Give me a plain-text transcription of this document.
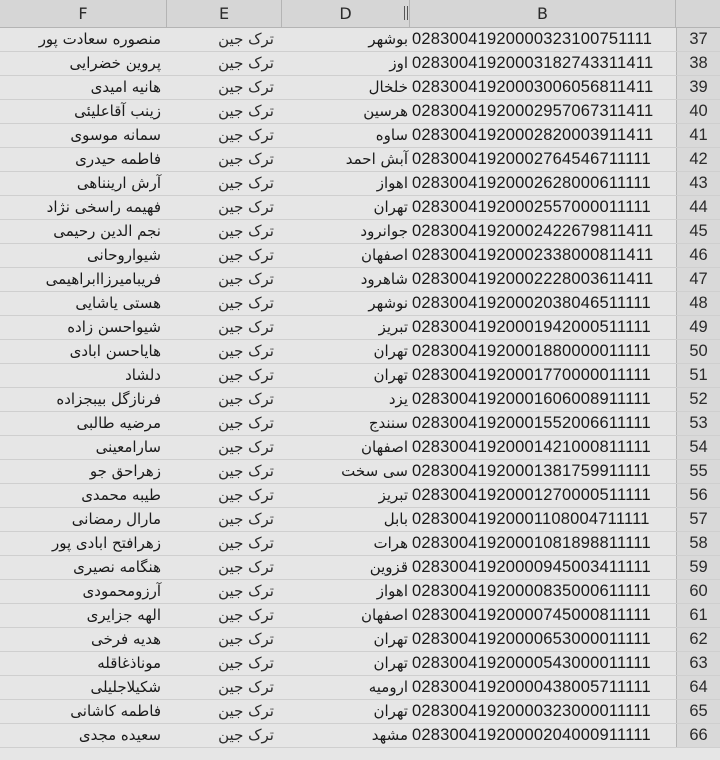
F	E	D	B
منصوره سعادت پور	ترک جین	بوشهر 02830041920000323100751111	37
پروین خضرایی	ترک جین	اوز 02830041920003182743311411	38
هانیه امیدی	ترک جین	خلخال 02830041920003006056811411	39
زینب آقاعلیئی	ترک جین	هرسین 02830041920002957067311411	40
سمانه موسوی	ترک جین	ساوه 02830041920002820003911411	41
فاطمه حیدری	ترک جین	آبش احمد 02830041920002764546711111	42
آرش ارینناهی	ترک جین	اهواز 02830041920002628000611111	43
فهیمه راسخی نژاد	ترک جین	تهران 02830041920002557000011111	44
نجم الدین رحیمی	ترک جین	جوانرود 02830041920002422679811411	45
شیواروحانی	ترک جین	اصفهان 02830041920002338000811411	46
فریبامیرزاابراهیمی	ترک جین	شاهرود 02830041920002228003611411	47
هستی یاشایی	ترک جین	نوشهر 02830041920002038046511111	48
شیواحسن زاده	ترک جین	تبریز 02830041920001942000511111	49
هایاحسن ابادی	ترک جین	تهران 02830041920001880000011111	50
دلشاد	ترک جین	تهران 02830041920001770000011111	51
فرنازگل بیبجزاده	ترک جین	یزد 02830041920001606008911111	52
مرضیه طالبی	ترک جین	سنندج 02830041920001552006611111	53
سارامعینی	ترک جین	اصفهان 02830041920001421000811111	54
زهراحق جو	ترک جین	سی سخت 02830041920001381759911111	55
طیبه محمدی	ترک جین	تبریز 02830041920001270000511111	56
مارال رمضانی	ترک جین	بابل 02830041920001108004711111	57
زهرافتح ابادی پور	ترک جین	هرات 02830041920001081898811111	58
هنگامه نصیری	ترک جین	قزوین 02830041920000945003411111	59
آرزومحمودی	ترک جین	اهواز 02830041920000835000611111	60
الهه جزایری	ترک جین	اصفهان 02830041920000745000811111	61
هدیه فرخی	ترک جین	تهران 02830041920000653000011111	62
موناذغاقله	ترک جین	تهران 02830041920000543000011111	63
شکیلاجلیلی	ترک جین	ارومیه 02830041920000438005711111	64
فاطمه کاشانی	ترک جین	تهران 02830041920000323000011111	65
سعیده مجدی	ترک جین	مشهد 02830041920000204000911111	66
